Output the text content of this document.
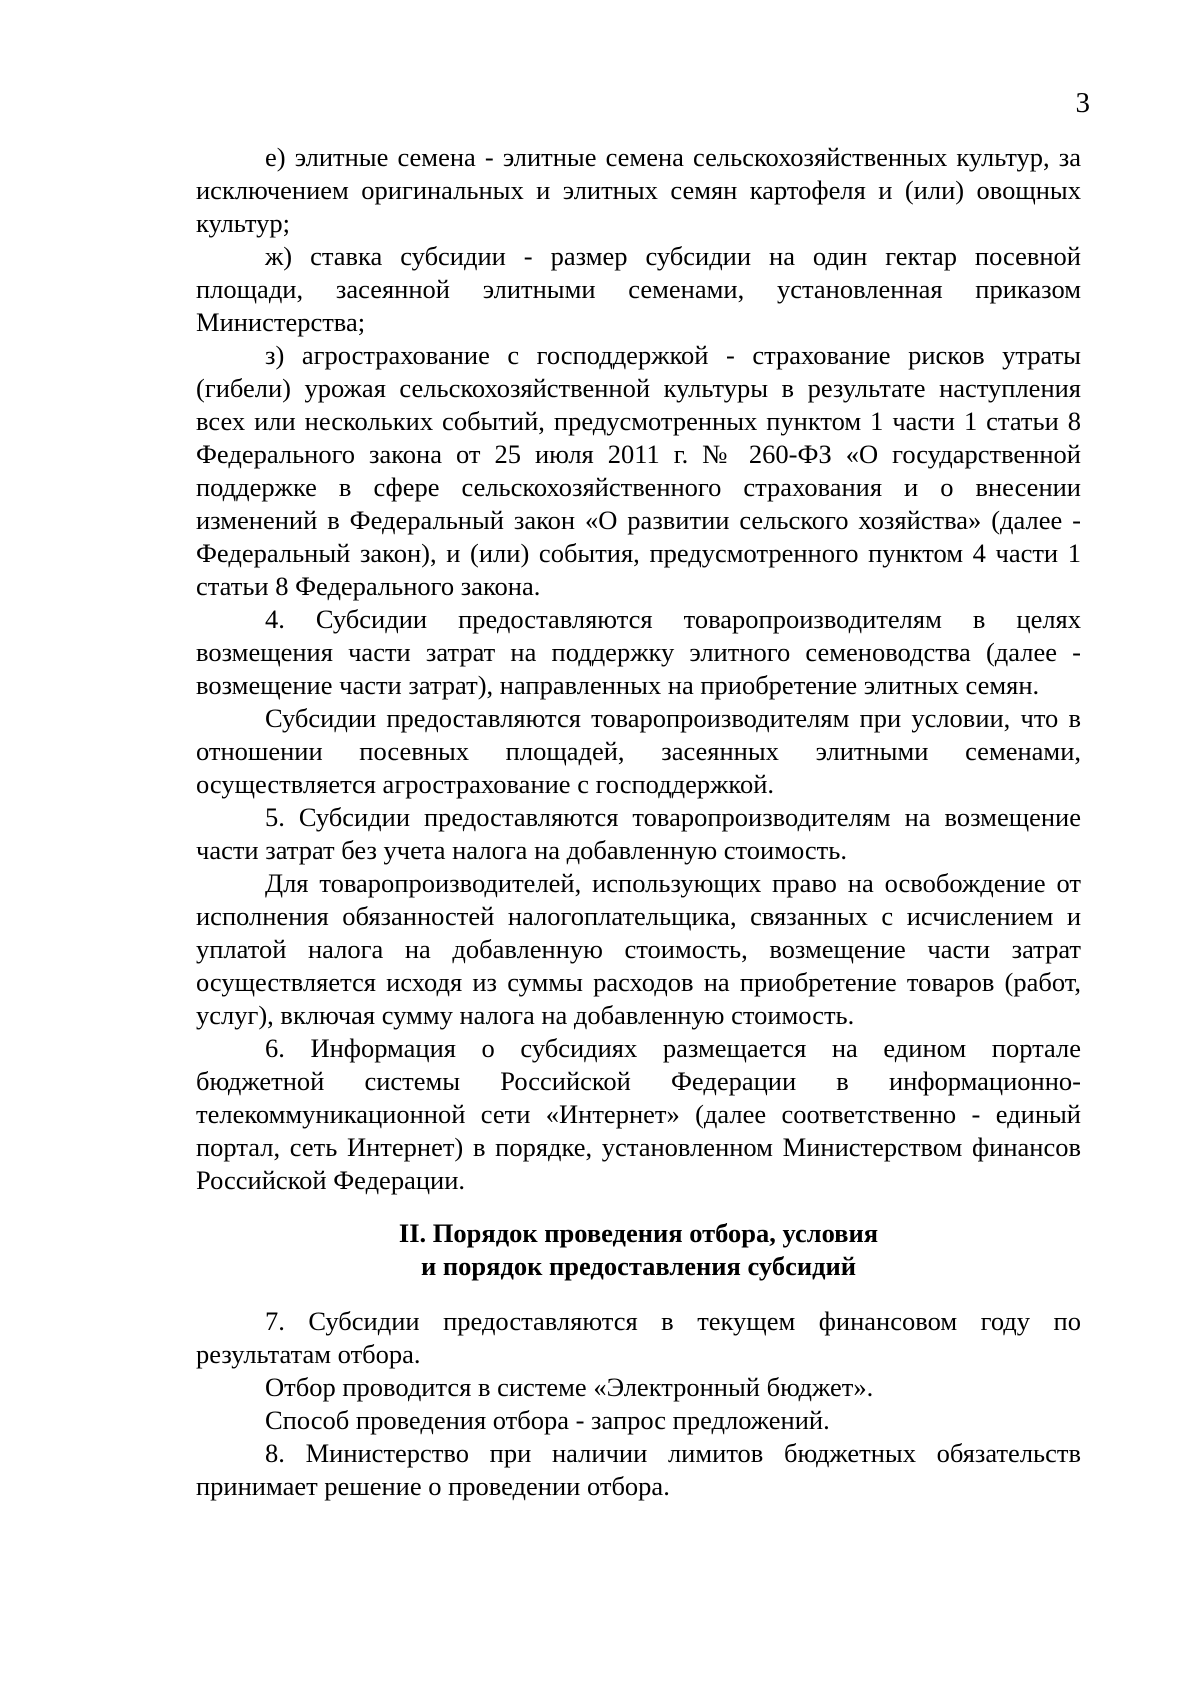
3

е) элитные семена - элитные семена сельскохозяйственных культур, за исключением оригинальных и элитных семян картофеля и (или) овощных культур;

ж) ставка субсидии - размер субсидии на один гектар посевной площади, засеянной элитными семенами, установленная приказом Министерства;

з) агрострахование с господдержкой - страхование рисков утраты (гибели) урожая сельскохозяйственной культуры в результате наступления всех или нескольких событий, предусмотренных пунктом 1 части 1 статьи 8 Федерального закона от 25 июля 2011 г. № 260-ФЗ «О государственной поддержке в сфере сельскохозяйственного страхования и о внесении изменений в Федеральный закон «О развитии сельского хозяйства» (далее - Федеральный закон), и (или) события, предусмотренного пунктом 4 части 1 статьи 8 Федерального закона.

4. Субсидии предоставляются товаропроизводителям в целях возмещения части затрат на поддержку элитного семеноводства (далее - возмещение части затрат), направленных на приобретение элитных семян.

Субсидии предоставляются товаропроизводителям при условии, что в отношении посевных площадей, засеянных элитными семенами, осуществляется агрострахование с господдержкой.

5. Субсидии предоставляются товаропроизводителям на возмещение части затрат без учета налога на добавленную стоимость.

Для товаропроизводителей, использующих право на освобождение от исполнения обязанностей налогоплательщика, связанных с исчислением и уплатой налога на добавленную стоимость, возмещение части затрат осуществляется исходя из суммы расходов на приобретение товаров (работ, услуг), включая сумму налога на добавленную стоимость.

6. Информация о субсидиях размещается на едином портале бюджетной системы Российской Федерации в информационно-телекоммуникационной сети «Интернет» (далее соответственно - единый портал, сеть Интернет) в порядке, установленном Министерством финансов Российской Федерации.

II. Порядок проведения отбора, условия
и порядок предоставления субсидий

7. Субсидии предоставляются в текущем финансовом году по результатам отбора.

Отбор проводится в системе «Электронный бюджет».

Способ проведения отбора - запрос предложений.

8. Министерство при наличии лимитов бюджетных обязательств принимает решение о проведении отбора.
